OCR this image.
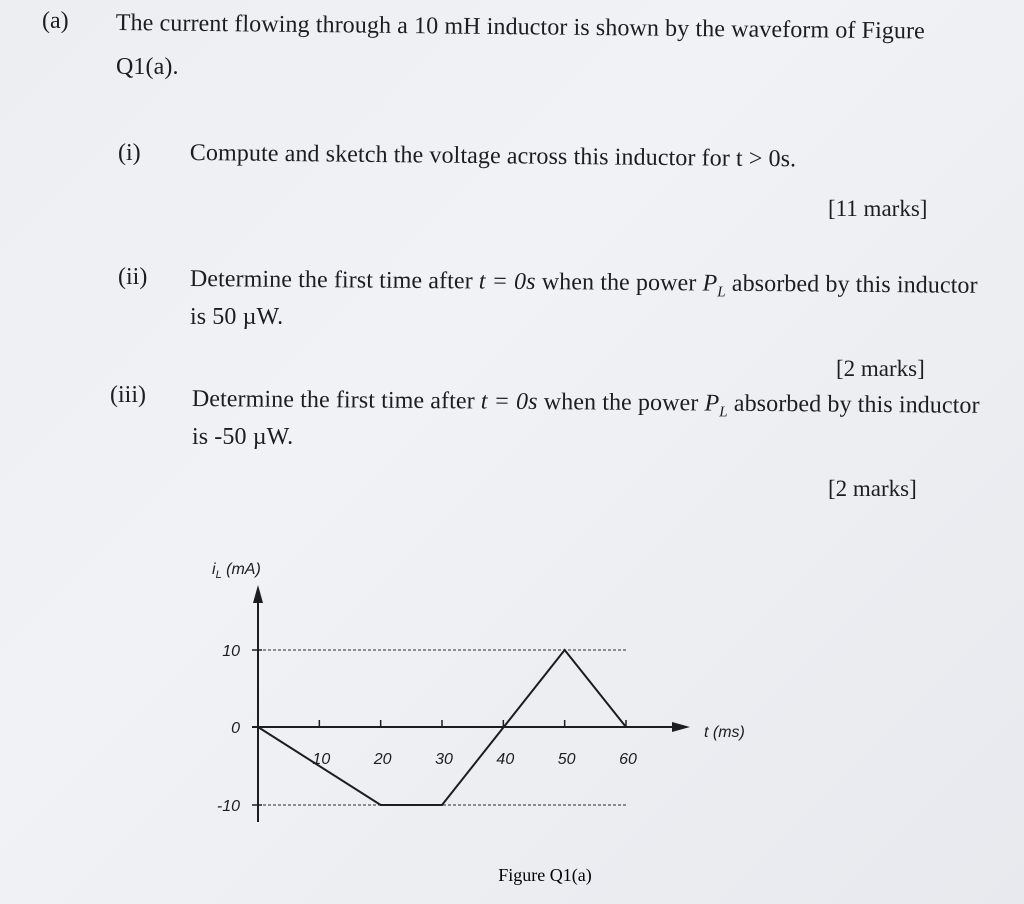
(a) The current flowing through a 10 mH inductor is shown by the waveform of Figure
Q1(a).
(i) Compute and sketch the voltage across this inductor for t > 0s.
[11 marks]
(ii) Determine the first time after t = 0s when the power $P_L$ absorbed by this inductor
is 50 µW.
[2 marks]
(iii) Determine the first time after t = 0s when the power $P_L$ absorbed by this inductor
is -50 µW.
[2 marks]
10	20	30	40	50	60
10
0
-10
$i_L$ (mA)
t (ms)
Figure Q1(a)
